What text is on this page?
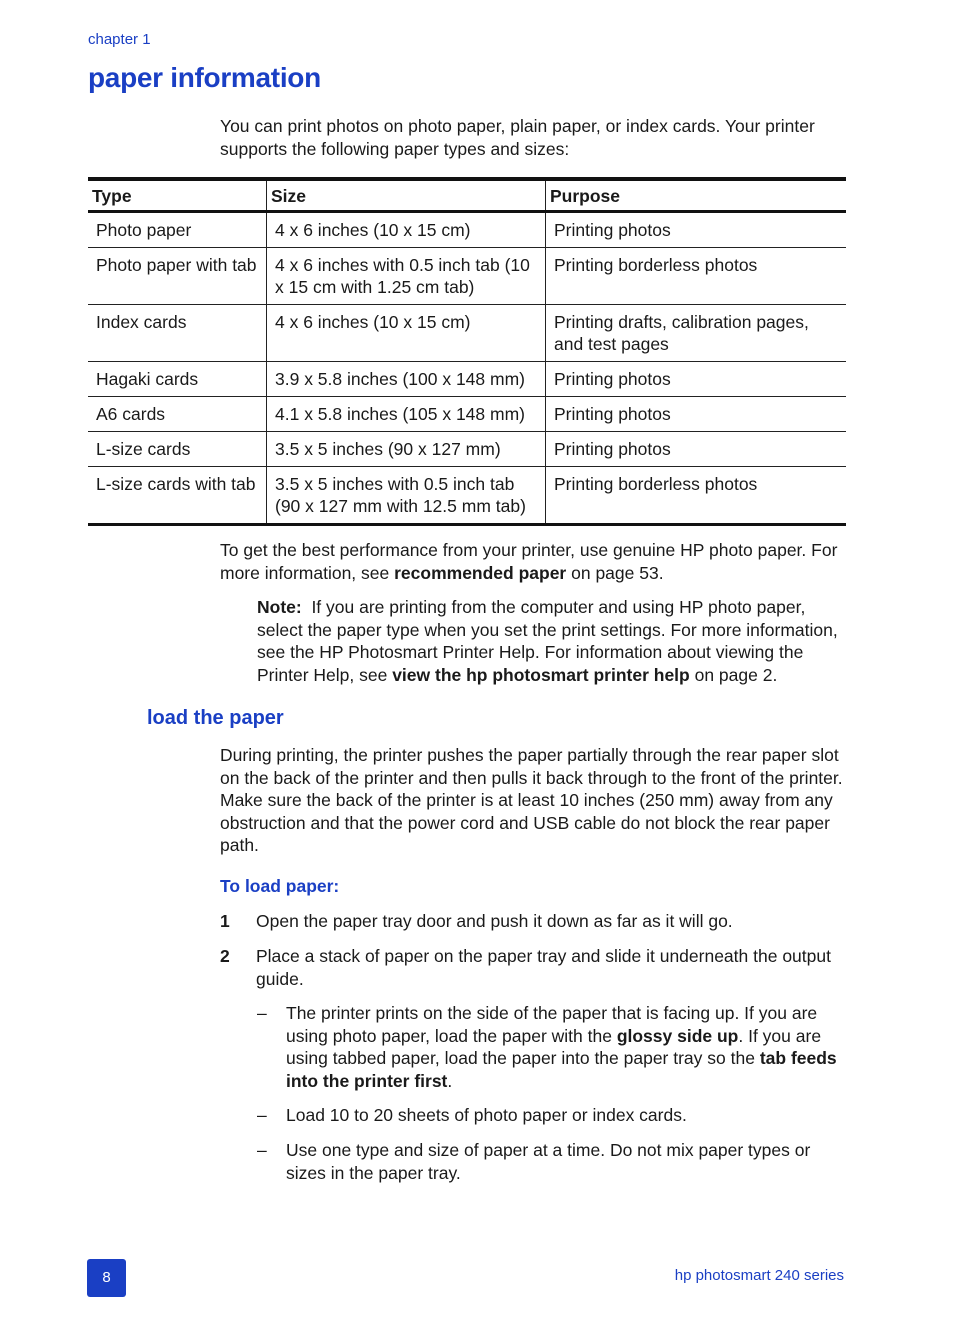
chapter 1
paper information

You can print photos on photo paper, plain paper, or index cards. Your printer supports the following paper types and sizes:

Type	Size	Purpose
Photo paper	4 x 6 inches (10 x 15 cm)	Printing photos
Photo paper with tab	4 x 6 inches with 0.5 inch tab (10 x 15 cm with 1.25 cm tab)	Printing borderless photos
Index cards	4 x 6 inches (10 x 15 cm)	Printing drafts, calibration pages, and test pages
Hagaki cards	3.9 x 5.8 inches (100 x 148 mm)	Printing photos
A6 cards	4.1 x 5.8 inches (105 x 148 mm)	Printing photos
L-size cards	3.5 x 5 inches (90 x 127 mm)	Printing photos
L-size cards with tab	3.5 x 5 inches with 0.5 inch tab (90 x 127 mm with 12.5 mm tab)	Printing borderless photos

To get the best performance from your printer, use genuine HP photo paper. For more information, see recommended paper on page 53.

Note:  If you are printing from the computer and using HP photo paper, select the paper type when you set the print settings. For more information, see the HP Photosmart Printer Help. For information about viewing the Printer Help, see view the hp photosmart printer help on page 2.

load the paper

During printing, the printer pushes the paper partially through the rear paper slot on the back of the printer and then pulls it back through to the front of the printer. Make sure the back of the printer is at least 10 inches (250 mm) away from any obstruction and that the power cord and USB cable do not block the rear paper path.

To load paper:

1 Open the paper tray door and push it down as far as it will go.
2 Place a stack of paper on the paper tray and slide it underneath the output guide.
– The printer prints on the side of the paper that is facing up. If you are using photo paper, load the paper with the glossy side up. If you are using tabbed paper, load the paper into the paper tray so the tab feeds into the printer first.
– Load 10 to 20 sheets of photo paper or index cards.
– Use one type and size of paper at a time. Do not mix paper types or sizes in the paper tray.
8	hp photosmart 240 series
